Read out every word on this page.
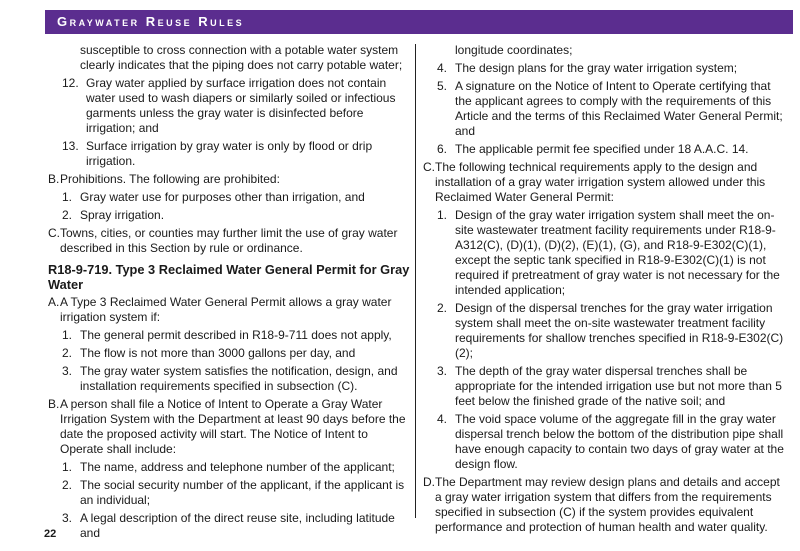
Graywater Reuse Rules
susceptible to cross connection with a potable water system clearly indicates that the piping does not carry potable water;
12. Gray water applied by surface irrigation does not contain water used to wash diapers or similarly soiled or infectious garments unless the gray water is disinfected before irrigation; and
13. Surface irrigation by gray water is only by flood or drip irrigation.
B. Prohibitions. The following are prohibited:
1. Gray water use for purposes other than irrigation, and
2. Spray irrigation.
C. Towns, cities, or counties may further limit the use of gray water described in this Section by rule or ordinance.
R18-9-719. Type 3 Reclaimed Water General Permit for Gray Water
A. A Type 3 Reclaimed Water General Permit allows a gray water irrigation system if:
1. The general permit described in R18-9-711 does not apply,
2. The flow is not more than 3000 gallons per day, and
3. The gray water system satisfies the notification, design, and installation requirements specified in subsection (C).
B. A person shall file a Notice of Intent to Operate a Gray Water Irrigation System with the Department at least 90 days before the date the proposed activity will start. The Notice of Intent to Operate shall include:
1. The name, address and telephone number of the applicant;
2. The social security number of the applicant, if the applicant is an individual;
3. A legal description of the direct reuse site, including latitude and
longitude coordinates;
4. The design plans for the gray water irrigation system;
5. A signature on the Notice of Intent to Operate certifying that the applicant agrees to comply with the requirements of this Article and the terms of this Reclaimed Water General Permit; and
6. The applicable permit fee specified under 18 A.A.C. 14.
C. The following technical requirements apply to the design and installation of a gray water irrigation system allowed under this Reclaimed Water General Permit:
1. Design of the gray water irrigation system shall meet the on-site wastewater treatment facility requirements under R18-9-A312(C), (D)(1), (D)(2), (E)(1), (G), and R18-9-E302(C)(1), except the septic tank specified in R18-9-E302(C)(1) is not required if pretreatment of gray water is not necessary for the intended application;
2. Design of the dispersal trenches for the gray water irrigation system shall meet the on-site wastewater treatment facility requirements for shallow trenches specified in R18-9-E302(C)(2);
3. The depth of the gray water dispersal trenches shall be appropriate for the intended irrigation use but not more than 5 feet below the finished grade of the native soil; and
4. The void space volume of the aggregate fill in the gray water dispersal trench below the bottom of the distribution pipe shall have enough capacity to contain two days of gray water at the design flow.
D. The Department may review design plans and details and accept a gray water irrigation system that differs from the requirements specified in subsection (C) if the system provides equivalent performance and protection of human health and water quality.
22
